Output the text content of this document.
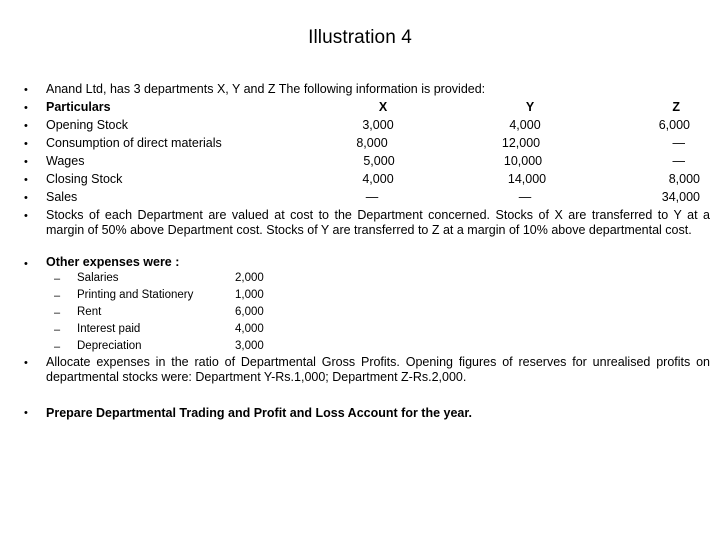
Illustration 4
•
•
•
•
•
•
•
•
•
•
•
Anand Ltd, has 3 departments X, Y and Z The following information is provided:
Particulars	X	Y	Z
Opening Stock	3,000	4,000	6,000
Consumption of direct materials	8,000	12,000	—
Wages	5,000	10,000	—
Closing Stock	4,000	14,000	8,000
Sales	—	—	34,000
Stocks of each Department are valued at cost to the Department concerned. Stocks of X are transferred to Y at a margin of 50% above Department cost. Stocks of Y are transferred to Z at a margin of 10% above departmental cost.
Other expenses were :
– Salaries	2,000
– Printing and Stationery	1,000
– Rent	6,000
– Interest paid	4,000
– Depreciation	3,000
Allocate expenses in the ratio of Departmental Gross Profits. Opening figures of reserves for unrealised profits on departmental stocks were: Department Y-Rs.1,000; Department Z-Rs.2,000.
Prepare Departmental Trading and Profit and Loss Account for the year.
